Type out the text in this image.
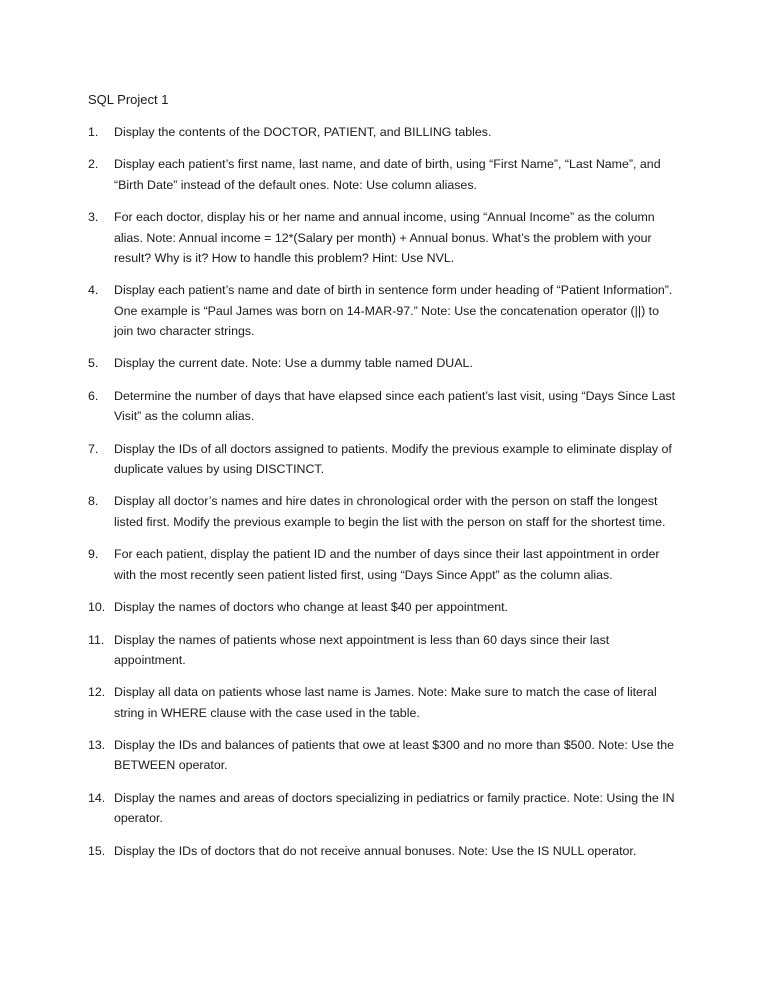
SQL Project 1
1.	Display the contents of the DOCTOR, PATIENT, and BILLING tables.
2.	Display each patient’s first name, last name, and date of birth, using “First Name”, “Last Name”, and “Birth Date” instead of the default ones. Note: Use column aliases.
3.	For each doctor, display his or her name and annual income, using “Annual Income” as the column alias. Note: Annual income = 12*(Salary per month) + Annual bonus. What’s the problem with your result? Why is it? How to handle this problem? Hint: Use NVL.
4.	Display each patient’s name and date of birth in sentence form under heading of “Patient Information”. One example is “Paul James was born on 14-MAR-97.” Note: Use the concatenation operator (||) to join two character strings.
5.	Display the current date. Note: Use a dummy table named DUAL.
6.	Determine the number of days that have elapsed since each patient’s last visit, using “Days Since Last Visit” as the column alias.
7.	Display the IDs of all doctors assigned to patients. Modify the previous example to eliminate display of duplicate values by using DISCTINCT.
8.	Display all doctor’s names and hire dates in chronological order with the person on staff the longest listed first. Modify the previous example to begin the list with the person on staff for the shortest time.
9.	For each patient, display the patient ID and the number of days since their last appointment in order with the most recently seen patient listed first, using “Days Since Appt” as the column alias.
10. Display the names of doctors who change at least $40 per appointment.
11. Display the names of patients whose next appointment is less than 60 days since their last appointment.
12. Display all data on patients whose last name is James. Note: Make sure to match the case of literal string in WHERE clause with the case used in the table.
13. Display the IDs and balances of patients that owe at least $300 and no more than $500. Note: Use the BETWEEN operator.
14. Display the names and areas of doctors specializing in pediatrics or family practice. Note: Using the IN operator.
15. Display the IDs of doctors that do not receive annual bonuses. Note: Use the IS NULL operator.
